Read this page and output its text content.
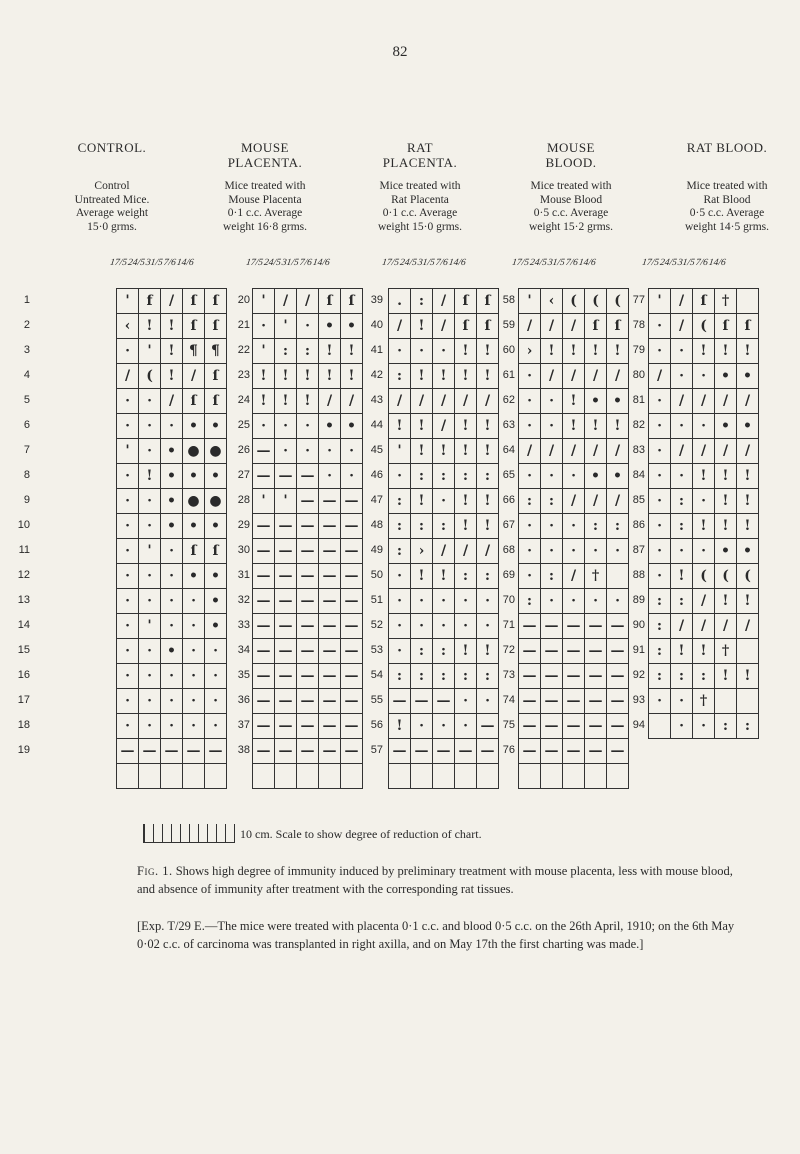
82
CONTROL.
Control
Untreated Mice.
Average weight
15·0 grms.
MOUSE
PLACENTA.
Mice treated with
Mouse Placenta
0·1 c.c. Average
weight 16·8 grms.
RAT
PLACENTA.
Mice treated with
Rat Placenta
0·1 c.c. Average
weight 15·0 grms.
MOUSE
BLOOD.
Mice treated with
Mouse Blood
0·5 c.c. Average
weight 15·2 grms.
RAT BLOOD.
Mice treated with
Rat Blood
0·5 c.c. Average
weight 14·5 grms.
17/524/531/57/614/6
1
2
3
4
5
6
7
8
9
10
11
12
13
14
15
16
17
18
19
'	f	/	ſ	ſ
‹	!	!	ſ	ſ
·	'	!	¶	¶
/	(	!	/	ſ
·	·	/	ſ	ſ
·	·	·	•	•
'	·	•	●	●
·	!	•	•	•
·	·	•	●	●
·	·	•	•	•
·	'	·	ſ	ſ
·	·	·	•	•
·	·	·	·	•
·	'	·	·	•
·	·	•	·	·
·	·	·	·	·
·	·	·	·	·
·	·	·	·	·
—	—	—	—	—

17/524/531/57/614/6
20
21
22
23
24
25
26
27
28
29
30
31
32
33
34
35
36
37
38
'	/	/	ſ	ſ
·	'	·	•	•
'	:	:	!	!
!	!	!	!	!
!	!	!	/	/
·	·	·	•	•
—	·	·	·	·
—	—	—	·	·
'	'	—	—	—
—	—	—	—	—
—	—	—	—	—
—	—	—	—	—
—	—	—	—	—
—	—	—	—	—
—	—	—	—	—
—	—	—	—	—
—	—	—	—	—
—	—	—	—	—
—	—	—	—	—

17/524/531/57/614/6
39
40
41
42
43
44
45
46
47
48
49
50
51
52
53
54
55
56
57
.	:	/	ſ	ſ
/	!	/	ſ	ſ
·	·	·	!	!
:	!	!	!	!
/	/	/	/	/
!	!	/	!	!
'	!	!	!	!
·	:	:	:	:
:	!	·	!	!
:	:	:	!	!
:	›	/	/	/
·	!	!	:	:
·	·	·	·	·
·	·	·	·	·
·	:	:	!	!
:	:	:	:	:
—	—	—	·	·
!	·	·	·	—
—	—	—	—	—

17/524/531/57/614/6
58
59
60
61
62
63
64
65
66
67
68
69
70
71
72
73
74
75
76
'	‹	(	(	(
/	/	/	ſ	ſ
›	!	!	!	!
·	/	/	/	/
·	·	!	•	•
·	·	!	!	!
/	/	/	/	/
·	·	·	•	•
:	:	/	/	/
·	·	·	:	:
·	·	·	·	·
·	:	/	†	
:	·	·	·	·
—	—	—	—	—
—	—	—	—	—
—	—	—	—	—
—	—	—	—	—
—	—	—	—	—
—	—	—	—	—

17/524/531/57/614/6
77
78
79
80
81
82
83
84
85
86
87
88
89
90
91
92
93
94
'	/	ſ	†	
·	/	(	ſ	ſ
·	·	!	!	!
/	·	·	•	•
·	/	/	/	/
·	·	·	•	•
·	/	/	/	/
·	·	!	!	!
·	:	·	!	!
·	:	!	!	!
·	·	·	•	•
·	!	(	(	(
:	:	/	!	!
:	/	/	/	/
:	!	!	†	
:	:	:	!	!
·	·	†		
	·	·	:	:
10 cm. Scale to show degree of reduction of chart.
Fig. 1. Shows high degree of immunity induced by preliminary treatment with mouse placenta, less with mouse blood, and absence of immunity after treatment with the corresponding rat tissues.
[Exp. T/29 E.—The mice were treated with placenta 0·1 c.c. and blood 0·5 c.c. on the 26th April, 1910; on the 6th May 0·02 c.c. of carcinoma was transplanted in right axilla, and on May 17th the first charting was made.]
